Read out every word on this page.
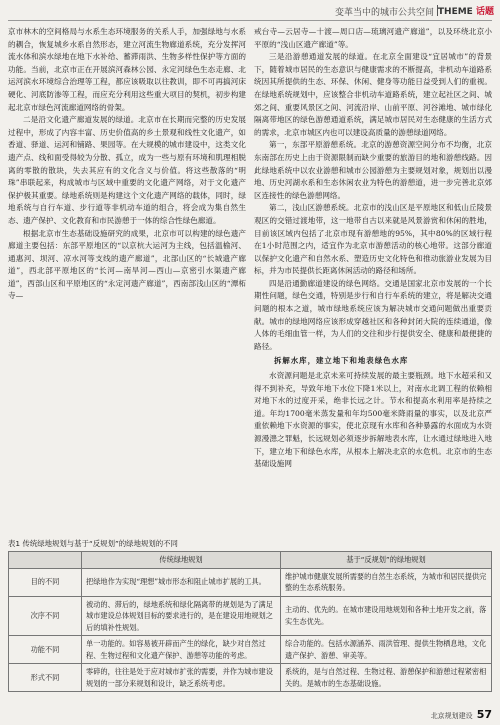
变革当中的城市公共空间 THEME 话题

京市林木的空间格局与水系生态环境服务的关系人手，加强绿地与水系的耦合，恢复城乡水系自然形态，建立河流生物廊道系统，充分发挥河流水体和滨水绿地在地下水补给、蓄滞雨洪、生物多样性保护等方面的功能。当前，北京市正在开展滨河森林公园、永定河绿色生态走廊、北运河滨水环境综合治理等工程，都应该吸取以往教训，即不可再搞河床硬化、河底防渗等工程，而应充分利用这些重大项目的契机，初步构建起北京市绿色河流廊道网络的骨架。

二是沿文化遗产廊道发展的绿道。北京市在长期而完整的历史发展过程中，形成了内容丰富、历史价值高的乡土景观和线性文化遗产，如香道、驿道、运河和铺路、果园等。在大规模的城市建设中，这类文化遗产点、线和面受得较为分散、孤立，成为一些与原有环境和肌理相脱离的零散的散块，失去其应有的文化含义与价值。将这些散落的“明珠”串联起来，构成城市与区域中重要的文化遗产网络，对于文化遗产保护极其重要。绿地系统则是构建这个文化遗产网络的载体，同时，绿地系统与自行车道、步行道等非机动车道的组合，将会成为集自然生态、遗产保护、文化教育和市民游憩于一体的综合性绿色廊道。

根据北京市生态基础设施研究的成果，北京市可以构建的绿色遗产廊道主要包括：东部平原地区的“以京杭大运河为主线，包括温榆河、通惠河、坝河、凉水河等支线的遗产廊道”，北部山区的“长城遗产廊道”，西北部平原地区的“长河—南旱河—西山—京密引水渠遗产廊道”，西部山区和平原地区的“永定河遗产廊道”，西南部浅山区的“潭柘寺—

戒台寺—云居寺—十渡—周口店—琉璃河遗产廊道”，以及环绕北京小平原的“浅山区遗产廊道”等。

三是沿游憩通道发展的绿道。在北京全面建设“宜居城市”的背景下，随着城市居民的生态意识与健康需求的不断提高，非机动车道路系统因其所提供的生态、环保、休闲、健身等功能日益受到人们的重视。在绿地系统规划中，应该整合非机动车道路系统，建立起社区之间、城郊之间、重要风景区之间、河流沿岸、山前平原、河谷滩地、城市绿化隔离带地区的绿色游憩通道系统，满足城市居民对生态健康的生活方式的需求，北京市城区内也可以建设高质量的游憩绿道网络。

第一，东部平原游憩系统。北京的游憩资源空间分布不均衡，北京东南部在历史上由于资源限制而缺少重要的旅游目的地和游憩线路。因此绿地系统中以农业游憩和城市公园游憩为主要规划对象，规划出以漫地、历史河湖水系和生态休闲农业为特色的游憩道，进一步完善北京郊区连接性的绿色游憩网络。

第二，浅山区游憩系统。北京市的浅山区是平原地区和低山丘陵景观区的交错过渡地带，这一地带自古以来就是风景游赏和休闲的胜地，目前该区域内包括了北京市现有游憩地的95%，其中80%的区域行程在1小时范围之内，适宜作为北京市游憩活动的核心地带。这部分廊道以保护文化遗产和自然水系、塑造历史文化特色和推动旅游业发展为目标，并为市民提供长距离休闲活动的路径和场所。

四是沿通勤廊道建设的绿色网络。交通是国家北京市发展的一个长期性问题，绿色交通，特别是步行和自行车系统的建立，将是解决交通问题的根本之道，城市绿地系统应该为解决城市交通问题做出重要贡献。城市的绿地网络应该形成穿越社区和各种封闭大院的连续通道，像人体的毛细血管一样，为人们的交往和步行提供安全、健康和最便捷的路径。

拆解水库，建立地下和地表绿色水库

水资源问题是北京未来可持续发展的最主要瓶颈。地下水超采和又得不到补充，导致年地下水位下降1米以上，对南水北调工程的依赖相对地下水的过度开采，绝非长远之计。节水和提高水利用率是持续之道。年均1700毫米蒸发量和年均500毫米降雨量的事实，以及北京严重依赖地下水资源的事实，使北京现有水库和各种暴露的水面成为水资源漫漶之罪魁，长远规划必须逐步拆解地表水库，让水通过绿地进入地下，建立地下和绿色水库，从根本上解决北京的水危机。北京市的生态基础设施网

表1 传统绿地规划与基于“反规划”的绿地规划的不同
	传统绿地规划	基于“反规划”的绿地规划
目的不同	把绿地作为实现“理想”城市形态和阻止城市扩展的工具。	维护城市健康发展所需要的自然生态系统，为城市和居民提供完整的生态系统服务。
次序不同	被动的、滞后的，绿地系统和绿化隔离带的规划是为了满足城市建设总体规划目标的要求进行的，是在建设用地规划之后的填补性规划。	主动的、优先的。在城市建设用地规划和各种土地开发之前，落实生态优先。
功能不同	单一功能的。如容易被开辟而产生的绿化，缺少对自然过程、生物过程和文化遗产保护、游憩等功能的考虑。	综合功能的。包括水源涵养、雨洪管理、提供生物栖息地，文化遗产保护、游憩、审美等。
形式不同	零碎的，往往是处于应对城市扩张的需要，并作为城市建设规划的一部分来规划和设计，缺乏系统考虑。	系统的，是与自然过程、生物过程、游憩保护和游憩过程紧密相关的。是城市的生态基础设施。
北京规划建设 57
